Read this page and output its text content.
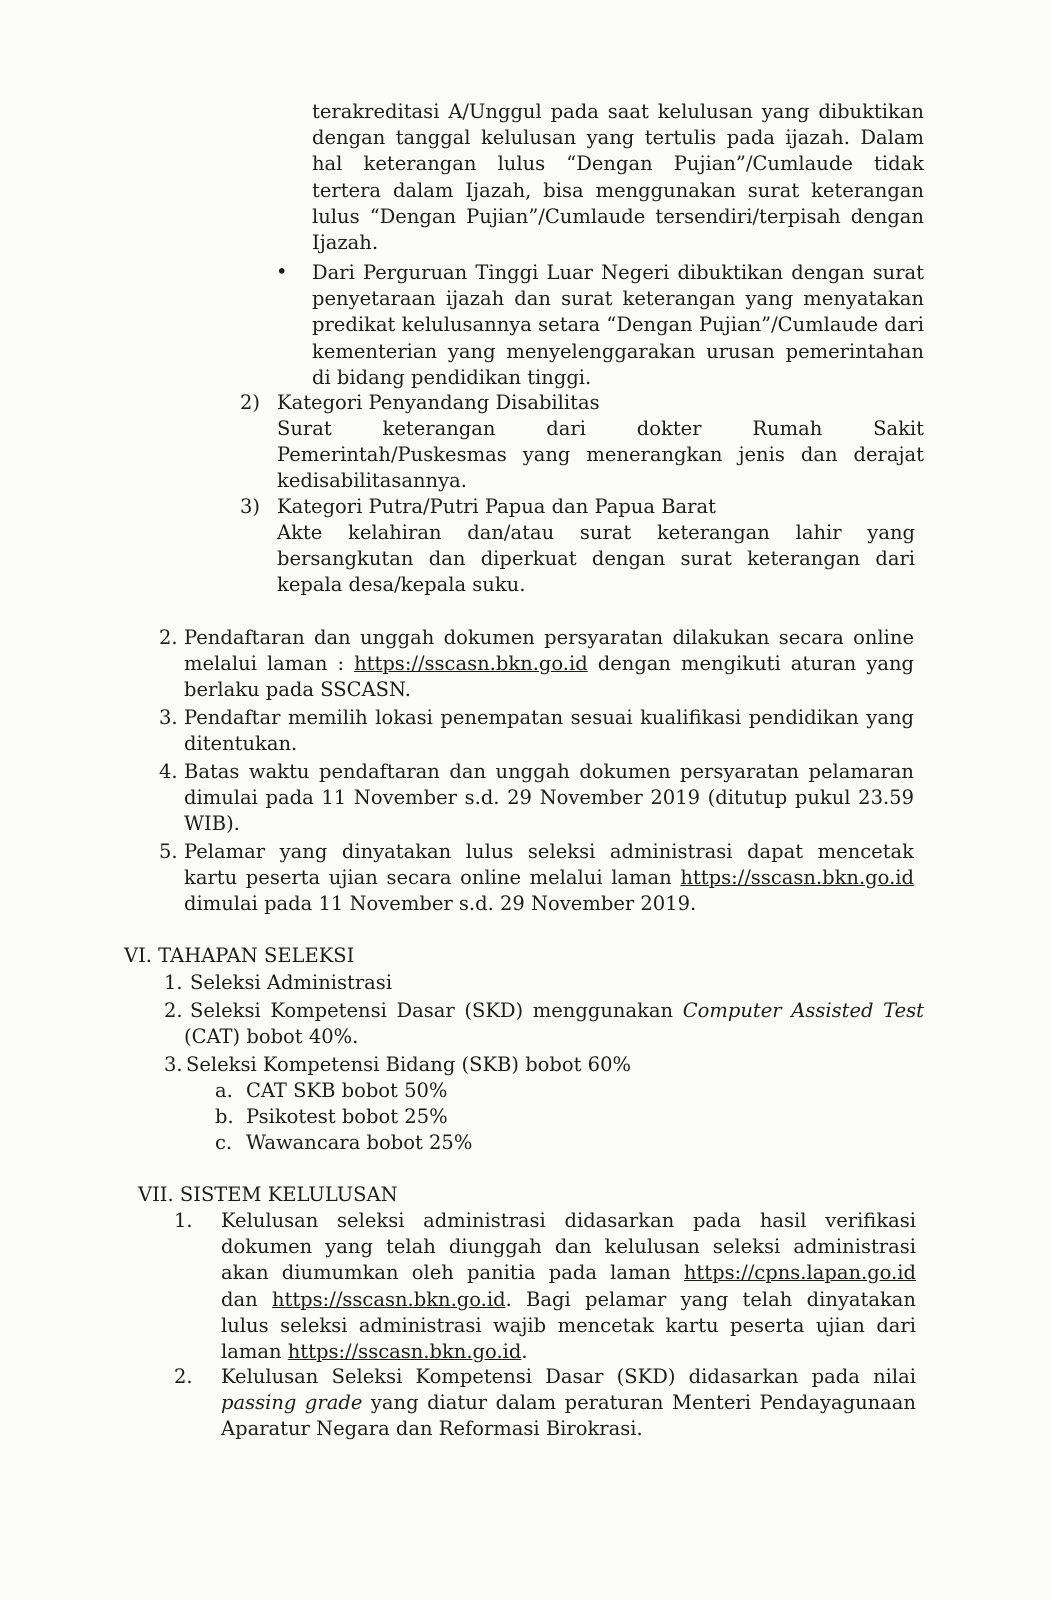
terakreditasi A/Unggul pada saat kelulusan yang dibuktikan dengan tanggal kelulusan yang tertulis pada ijazah. Dalam hal keterangan lulus “Dengan Pujian”/Cumlaude tidak tertera dalam Ijazah, bisa menggunakan surat keterangan lulus “Dengan Pujian”/Cumlaude tersendiri/terpisah dengan Ijazah.

• Dari Perguruan Tinggi Luar Negeri dibuktikan dengan surat penyetaraan ijazah dan surat keterangan yang menyatakan predikat kelulusannya setara “Dengan Pujian”/Cumlaude dari kementerian yang menyelenggarakan urusan pemerintahan di bidang pendidikan tinggi.

2) Kategori Penyandang Disabilitas

Surat keterangan dari dokter Rumah Sakit Pemerintah/Puskesmas yang menerangkan jenis dan derajat kedisabilitasannya.

3) Kategori Putra/Putri Papua dan Papua Barat

Akte kelahiran dan/atau surat keterangan lahir yang bersangkutan dan diperkuat dengan surat keterangan dari kepala desa/kepala suku.

2. Pendaftaran dan unggah dokumen persyaratan dilakukan secara online melalui laman : https://sscasn.bkn.go.id dengan mengikuti aturan yang berlaku pada SSCASN.

3. Pendaftar memilih lokasi penempatan sesuai kualifikasi pendidikan yang ditentukan.

4. Batas waktu pendaftaran dan unggah dokumen persyaratan pelamaran dimulai pada 11 November s.d. 29 November 2019 (ditutup pukul 23.59 WIB).

5. Pelamar yang dinyatakan lulus seleksi administrasi dapat mencetak kartu peserta ujian secara online melalui laman https://sscasn.bkn.go.id dimulai pada 11 November s.d. 29 November 2019.

VI. TAHAPAN SELEKSI

1. Seleksi Administrasi

2. Seleksi Kompetensi Dasar (SKD) menggunakan Computer Assisted Test (CAT) bobot 40%.

3. Seleksi Kompetensi Bidang (SKB) bobot 60%

a. CAT SKB bobot 50%

b. Psikotest bobot 25%

c. Wawancara bobot 25%

VII. SISTEM KELULUSAN

1. Kelulusan seleksi administrasi didasarkan pada hasil verifikasi dokumen yang telah diunggah dan kelulusan seleksi administrasi akan diumumkan oleh panitia pada laman https://cpns.lapan.go.id dan https://sscasn.bkn.go.id. Bagi pelamar yang telah dinyatakan lulus seleksi administrasi wajib mencetak kartu peserta ujian dari laman https://sscasn.bkn.go.id.

2. Kelulusan Seleksi Kompetensi Dasar (SKD) didasarkan pada nilai passing grade yang diatur dalam peraturan Menteri Pendayagunaan Aparatur Negara dan Reformasi Birokrasi.
